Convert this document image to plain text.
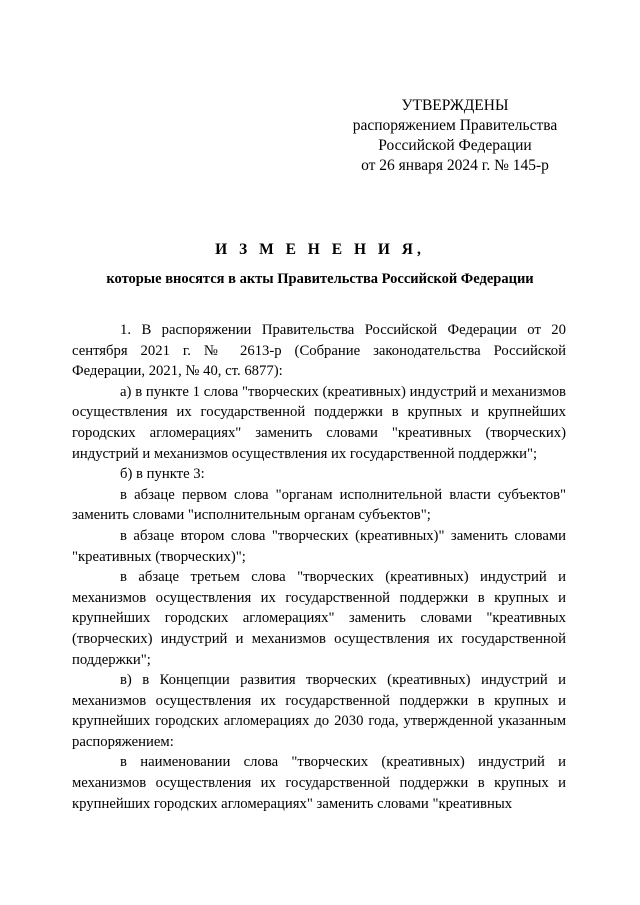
УТВЕРЖДЕНЫ
распоряжением Правительства
Российской Федерации
от 26 января 2024 г. № 145-р
И З М Е Н Е Н И Я,
которые вносятся в акты Правительства Российской Федерации

1. В распоряжении Правительства Российской Федерации от 20 сентября 2021 г. № 2613-р (Собрание законодательства Российской Федерации, 2021, № 40, ст. 6877):

а) в пункте 1 слова "творческих (креативных) индустрий и механизмов осуществления их государственной поддержки в крупных и крупнейших городских агломерациях" заменить словами "креативных (творческих) индустрий и механизмов осуществления их государственной поддержки";

б) в пункте 3:

в абзаце первом слова "органам исполнительной власти субъектов" заменить словами "исполнительным органам субъектов";

в абзаце втором слова "творческих (креативных)" заменить словами "креативных (творческих)";

в абзаце третьем слова "творческих (креативных) индустрий и механизмов осуществления их государственной поддержки в крупных и крупнейших городских агломерациях" заменить словами "креативных (творческих) индустрий и механизмов осуществления их государственной поддержки";

в) в Концепции развития творческих (креативных) индустрий и механизмов осуществления их государственной поддержки в крупных и крупнейших городских агломерациях до 2030 года, утвержденной указанным распоряжением:

в наименовании слова "творческих (креативных) индустрий и механизмов осуществления их государственной поддержки в крупных и крупнейших городских агломерациях" заменить словами "креативных
